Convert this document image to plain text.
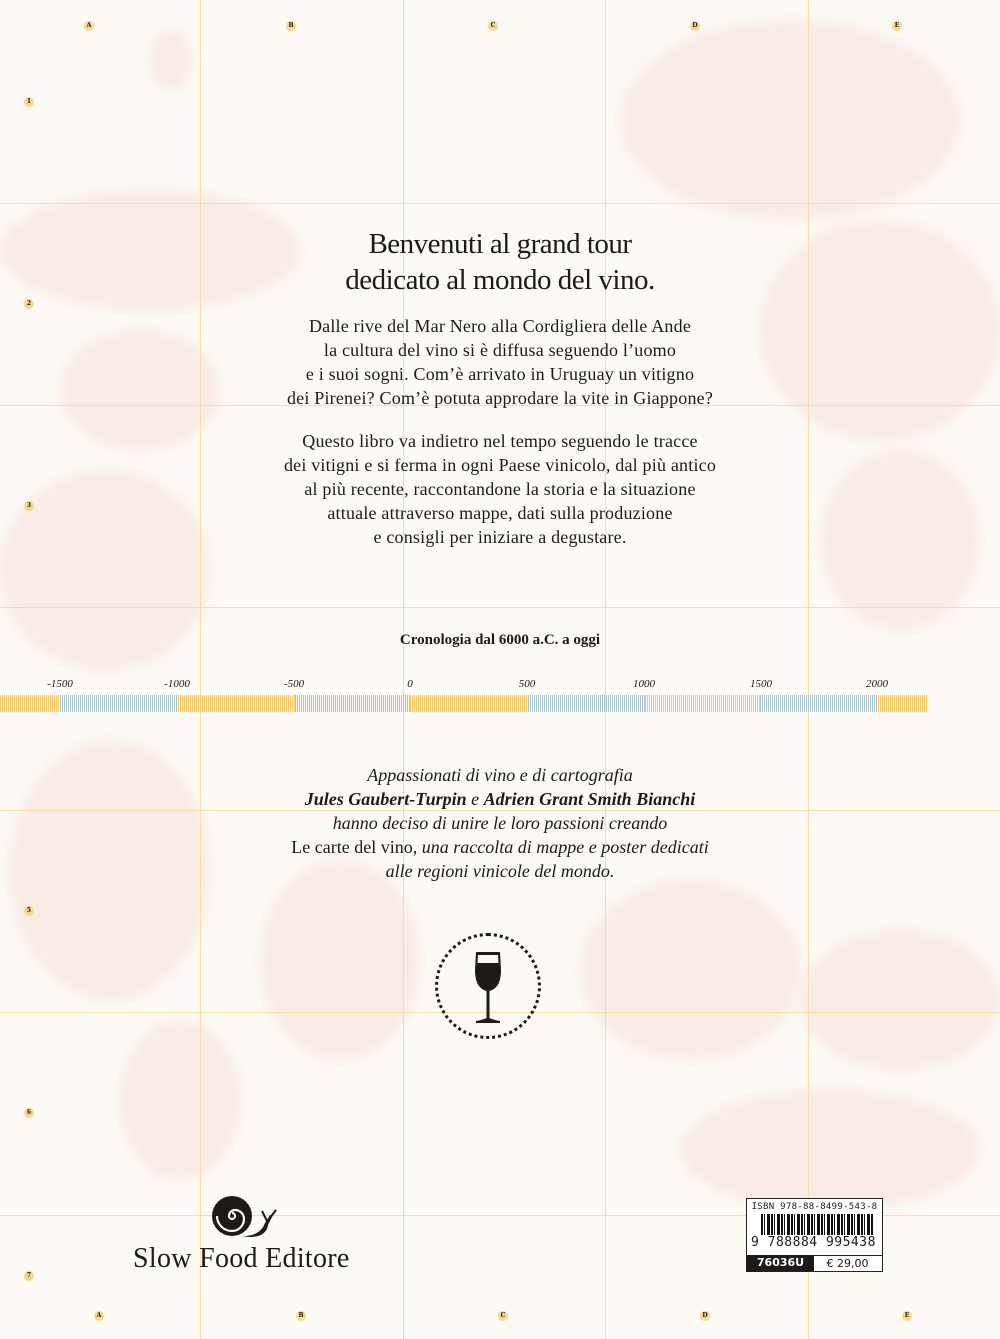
A	B	C	D	E
A	B	C	D	E
1
2
3
5
6
7
Benvenuti al grand tour
dedicato al mondo del vino.
Dalle rive del Mar Nero alla Cordigliera delle Ande
la cultura del vino si è diffusa seguendo l’uomo
e i suoi sogni. Com’è arrivato in Uruguay un vitigno
dei Pirenei? Com’è potuta approdare la vite in Giappone?
Questo libro va indietro nel tempo seguendo le tracce
dei vitigni e si ferma in ogni Paese vinicolo, dal più antico
al più recente, raccontandone la storia e la situazione
attuale attraverso mappe, dati sulla produzione
e consigli per iniziare a degustare.
Cronologia dal 6000 a.C. a oggi
-1500	-1000	-500	0	500	1000	1500	2000
Appassionati di vino e di cartografia
Jules Gaubert-Turpin e Adrien Grant Smith Bianchi
hanno deciso di unire le loro passioni creando
Le carte del vino, una raccolta di mappe e poster dedicati
alle regioni vinicole del mondo.
Slow Food Editore
ISBN 978-88-8499-543-8
9 788884 995438
76036U	€ 29,00
